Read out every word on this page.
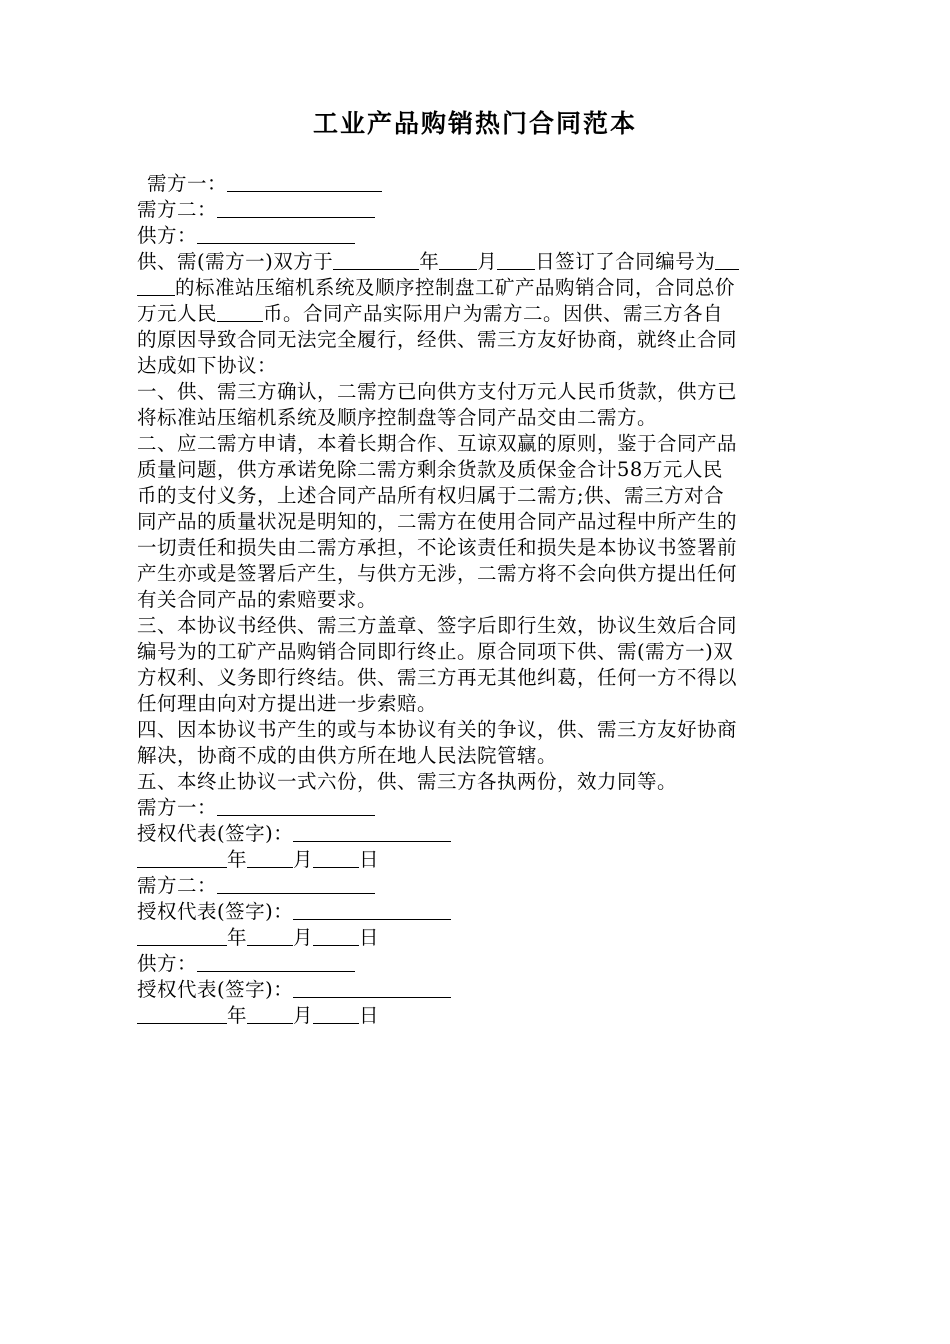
工业产品购销热门合同范本
需方一：
需方二：
供方：
供、需(需方一)双方于	年 月 日签订了合同编号为
的标准站压缩机系统及顺序控制盘工矿产品购销合同，合同总价
万元人民 币。合同产品实际用户为需方二。因供、需三方各自
的原因导致合同无法完全履行，经供、需三方友好协商，就终止合同
达成如下协议：
一、供、需三方确认，二需方已向供方支付万元人民币货款，供方已
将标准站压缩机系统及顺序控制盘等合同产品交由二需方。
二、应二需方申请，本着长期合作、互谅双赢的原则，鉴于合同产品
质量问题，供方承诺免除二需方剩余货款及质保金合计58万元人民
币的支付义务，上述合同产品所有权归属于二需方;供、需三方对合
同产品的质量状况是明知的，二需方在使用合同产品过程中所产生的
一切责任和损失由二需方承担，不论该责任和损失是本协议书签署前
产生亦或是签署后产生，与供方无涉，二需方将不会向供方提出任何
有关合同产品的索赔要求。
三、本协议书经供、需三方盖章、签字后即行生效，协议生效后合同
编号为的工矿产品购销合同即行终止。原合同项下供、需(需方一)双
方权利、义务即行终结。供、需三方再无其他纠葛，任何一方不得以
任何理由向对方提出进一步索赔。
四、因本协议书产生的或与本协议有关的争议，供、需三方友好协商
解决，协商不成的由供方所在地人民法院管辖。
五、本终止协议一式六份，供、需三方各执两份，效力同等。
需方一：
授权代表(签字)：
年 月 日
需方二：
授权代表(签字)：
年 月 日
供方：
授权代表(签字)：
年 月 日
